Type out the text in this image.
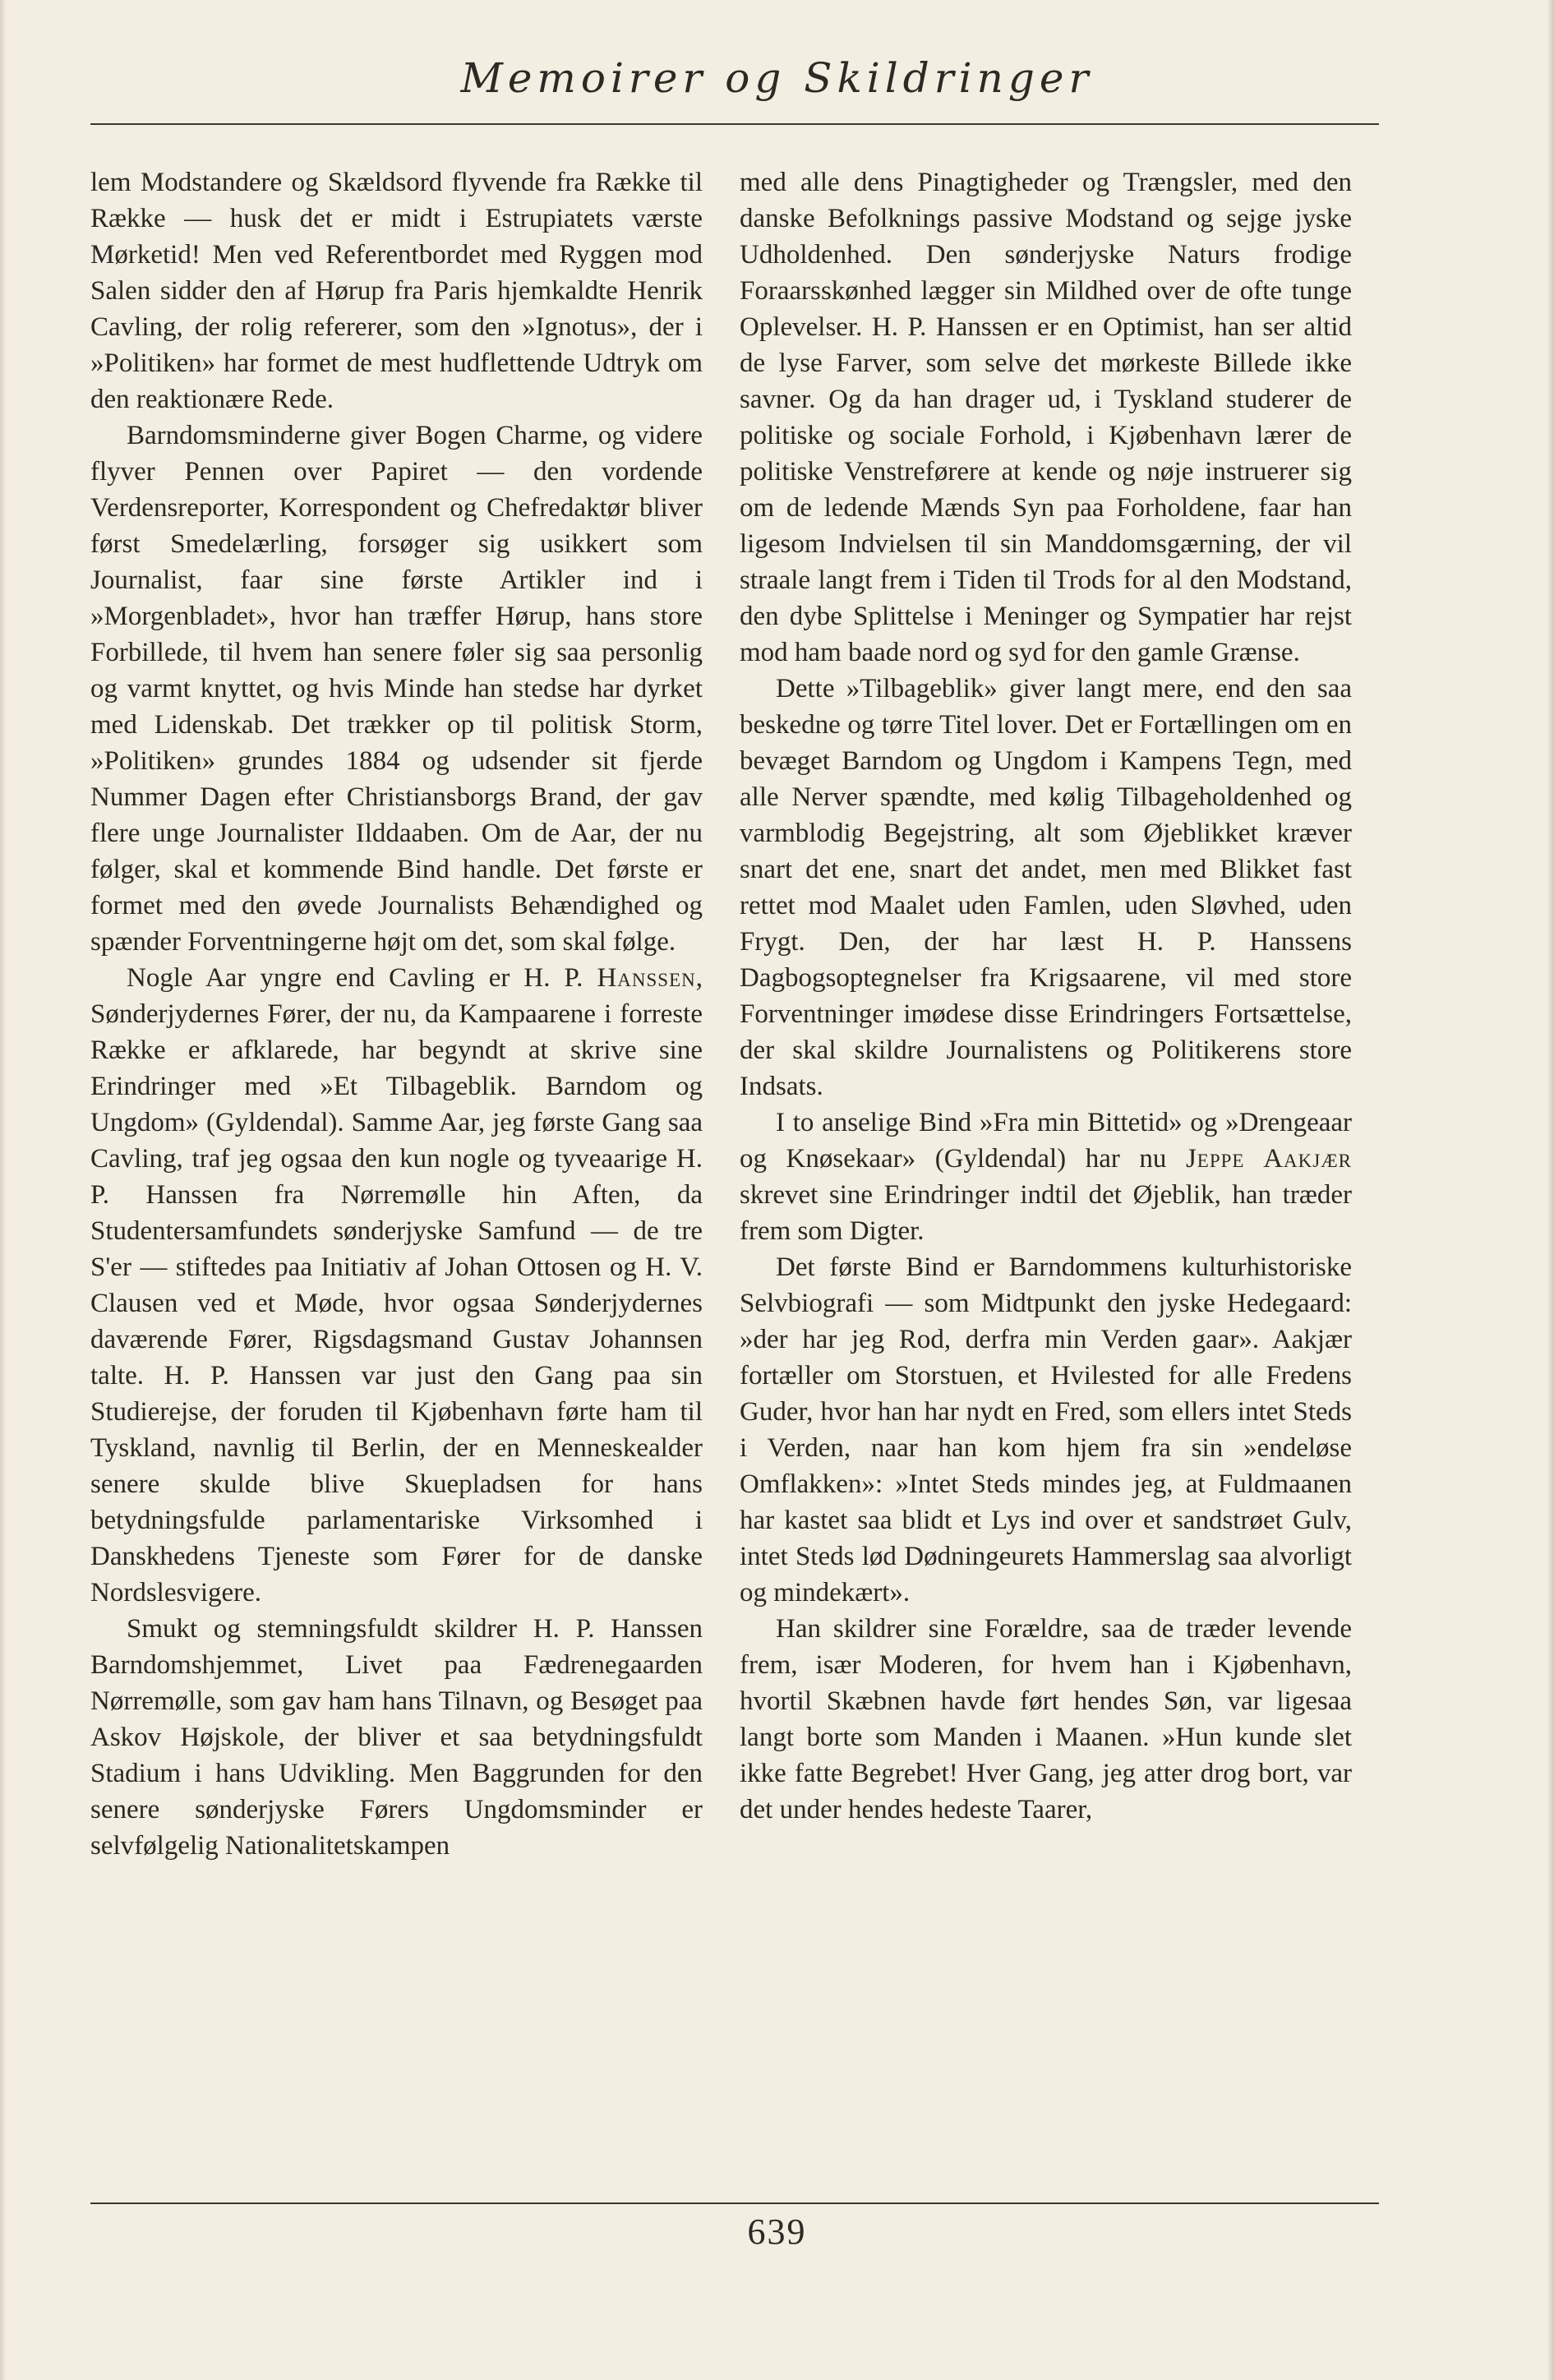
Memoirer og Skildringer

lem Modstandere og Skældsord flyvende fra Række til Række — husk det er midt i Estrupiatets værste Mørketid! Men ved Referentbordet med Ryggen mod Salen sidder den af Hørup fra Paris hjemkaldte Henrik Cavling, der rolig refererer, som den »Ignotus», der i »Politiken» har formet de mest hudflettende Udtryk om den reaktionære Rede.

Barndomsminderne giver Bogen Charme, og videre flyver Pennen over Papiret — den vordende Verdensreporter, Korrespondent og Chefredaktør bliver først Smedelærling, forsøger sig usikkert som Journalist, faar sine første Artikler ind i »Morgenbladet», hvor han træffer Hørup, hans store Forbillede, til hvem han senere føler sig saa personlig og varmt knyttet, og hvis Minde han stedse har dyrket med Lidenskab. Det trækker op til politisk Storm, »Politiken» grundes 1884 og udsender sit fjerde Nummer Dagen efter Christiansborgs Brand, der gav flere unge Journalister Ilddaaben. Om de Aar, der nu følger, skal et kommende Bind handle. Det første er formet med den øvede Journalists Behændighed og spænder Forventningerne højt om det, som skal følge.

Nogle Aar yngre end Cavling er H. P. Hanssen, Sønderjydernes Fører, der nu, da Kampaarene i forreste Række er afklarede, har begyndt at skrive sine Erindringer med »Et Tilbageblik. Barndom og Ungdom» (Gyldendal). Samme Aar, jeg første Gang saa Cavling, traf jeg ogsaa den kun nogle og tyveaarige H. P. Hanssen fra Nørremølle hin Aften, da Studentersamfundets sønderjyske Samfund — de tre S'er — stiftedes paa Initiativ af Johan Ottosen og H. V. Clausen ved et Møde, hvor ogsaa Sønderjydernes daværende Fører, Rigsdagsmand Gustav Johannsen talte. H. P. Hanssen var just den Gang paa sin Studierejse, der foruden til Kjøbenhavn førte ham til Tyskland, navnlig til Berlin, der en Menneskealder senere skulde blive Skuepladsen for hans betydningsfulde parlamentariske Virksomhed i Danskhedens Tjeneste som Fører for de danske Nordslesvigere.

Smukt og stemningsfuldt skildrer H. P. Hanssen Barndomshjemmet, Livet paa Fædrenegaarden Nørremølle, som gav ham hans Tilnavn, og Besøget paa Askov Højskole, der bliver et saa betydningsfuldt Stadium i hans Udvikling. Men Baggrunden for den senere sønderjyske Førers Ungdomsminder er selvfølgelig Nationalitetskampen

med alle dens Pinagtigheder og Trængsler, med den danske Befolknings passive Modstand og sejge jyske Udholdenhed. Den sønderjyske Naturs frodige Foraarsskønhed lægger sin Mildhed over de ofte tunge Oplevelser. H. P. Hanssen er en Optimist, han ser altid de lyse Farver, som selve det mørkeste Billede ikke savner. Og da han drager ud, i Tyskland studerer de politiske og sociale Forhold, i Kjøbenhavn lærer de politiske Venstreførere at kende og nøje instruerer sig om de ledende Mænds Syn paa Forholdene, faar han ligesom Indvielsen til sin Manddomsgærning, der vil straale langt frem i Tiden til Trods for al den Modstand, den dybe Splittelse i Meninger og Sympatier har rejst mod ham baade nord og syd for den gamle Grænse.

Dette »Tilbageblik» giver langt mere, end den saa beskedne og tørre Titel lover. Det er Fortællingen om en bevæget Barndom og Ungdom i Kampens Tegn, med alle Nerver spændte, med kølig Tilbageholdenhed og varmblodig Begejstring, alt som Øjeblikket kræver snart det ene, snart det andet, men med Blikket fast rettet mod Maalet uden Famlen, uden Sløvhed, uden Frygt. Den, der har læst H. P. Hanssens Dagbogsoptegnelser fra Krigsaarene, vil med store Forventninger imødese disse Erindringers Fortsættelse, der skal skildre Journalistens og Politikerens store Indsats.

I to anselige Bind »Fra min Bittetid» og »Drengeaar og Knøsekaar» (Gyldendal) har nu Jeppe Aakjær skrevet sine Erindringer indtil det Øjeblik, han træder frem som Digter.

Det første Bind er Barndommens kulturhistoriske Selvbiografi — som Midtpunkt den jyske Hedegaard: »der har jeg Rod, derfra min Verden gaar». Aakjær fortæller om Storstuen, et Hvilested for alle Fredens Guder, hvor han har nydt en Fred, som ellers intet Steds i Verden, naar han kom hjem fra sin »endeløse Omflakken»: »Intet Steds mindes jeg, at Fuldmaanen har kastet saa blidt et Lys ind over et sandstrøet Gulv, intet Steds lød Dødningeurets Hammerslag saa alvorligt og mindekært».

Han skildrer sine Forældre, saa de træder levende frem, især Moderen, for hvem han i Kjøbenhavn, hvortil Skæbnen havde ført hendes Søn, var ligesaa langt borte som Manden i Maanen. »Hun kunde slet ikke fatte Begrebet! Hver Gang, jeg atter drog bort, var det under hendes hedeste Taarer,

639
